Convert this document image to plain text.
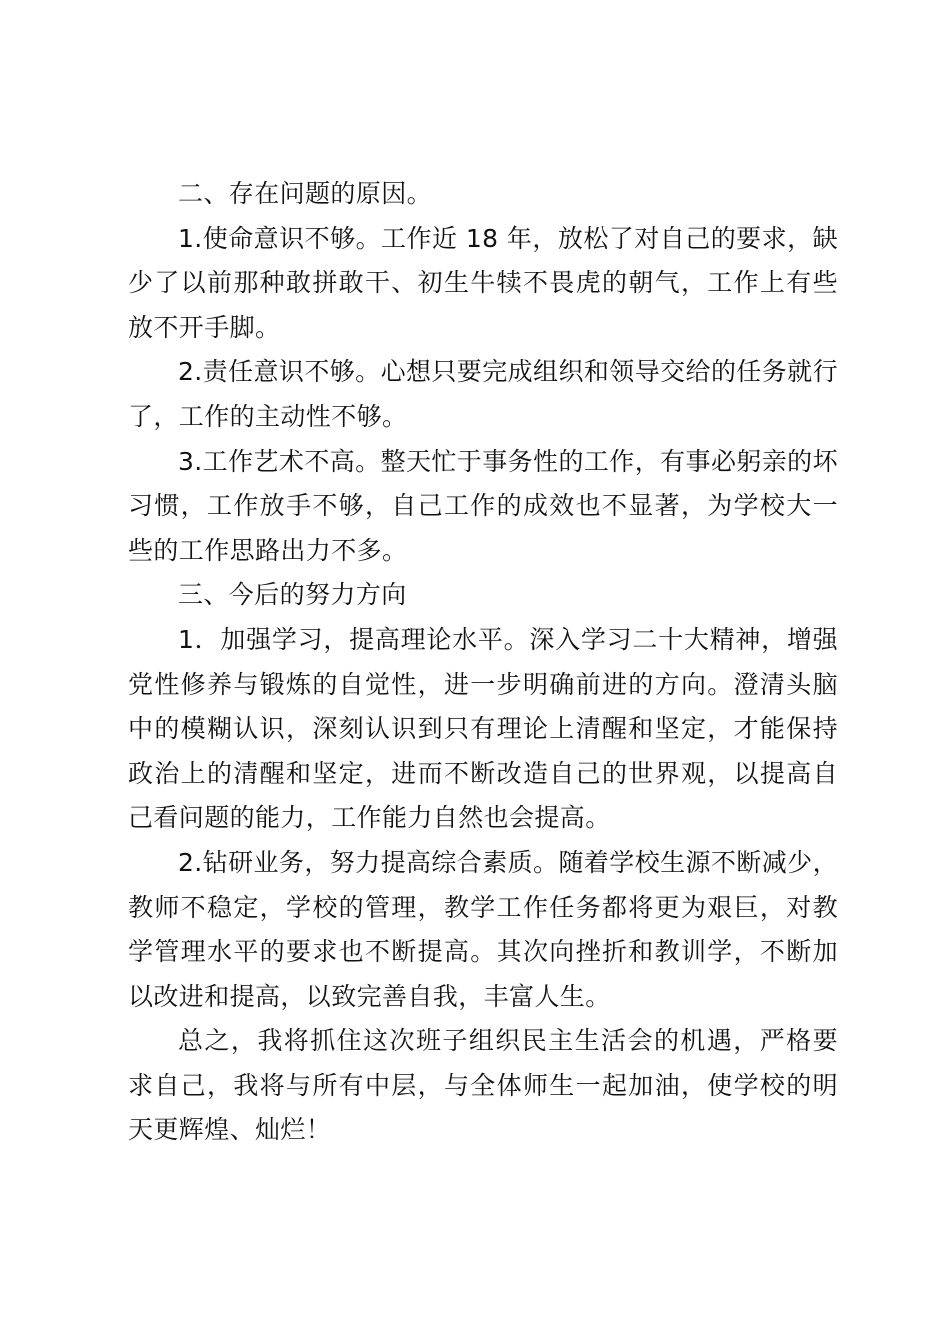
二、存在问题的原因。

1.使命意识不够。工作近 18 年，放松了对自己的要求，缺少了以前那种敢拼敢干、初生牛犊不畏虎的朝气，工作上有些放不开手脚。

2.责任意识不够。心想只要完成组织和领导交给的任务就行了，工作的主动性不够。

3.工作艺术不高。整天忙于事务性的工作，有事必躬亲的坏习惯，工作放手不够，自己工作的成效也不显著，为学校大一些的工作思路出力不多。

三、今后的努力方向

1．加强学习，提高理论水平。深入学习二十大精神，增强党性修养与锻炼的自觉性，进一步明确前进的方向。澄清头脑中的模糊认识，深刻认识到只有理论上清醒和坚定，才能保持政治上的清醒和坚定，进而不断改造自己的世界观，以提高自己看问题的能力，工作能力自然也会提高。

2.钻研业务，努力提高综合素质。随着学校生源不断减少，教师不稳定，学校的管理，教学工作任务都将更为艰巨，对教学管理水平的要求也不断提高。其次向挫折和教训学，不断加以改进和提高，以致完善自我，丰富人生。

总之，我将抓住这次班子组织民主生活会的机遇，严格要求自己，我将与所有中层，与全体师生一起加油，使学校的明天更辉煌、灿烂！
